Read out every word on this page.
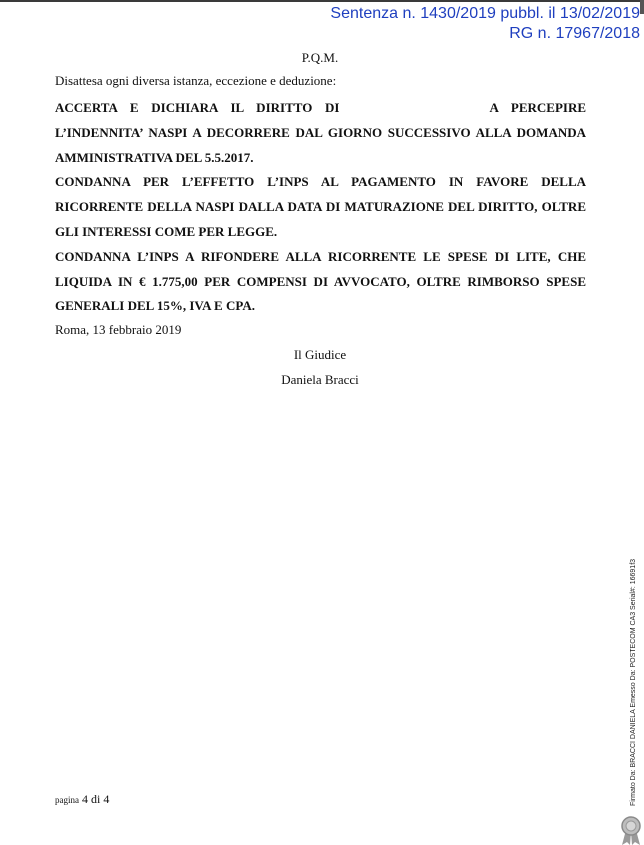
Sentenza n. 1430/2019 pubbl. il 13/02/2019
RG n. 17967/2018
P.Q.M.
Disattesa ogni diversa istanza, eccezione e deduzione:

ACCERTA E DICHIARA IL DIRITTO DI	A PERCEPIRE L’INDENNITA’ NASPI A DECORRERE DAL GIORNO SUCCESSIVO ALLA DOMANDA AMMINISTRATIVA DEL 5.5.2017.

CONDANNA PER L’EFFETTO L’INPS AL PAGAMENTO IN FAVORE DELLA RICORRENTE DELLA NASPI DALLA DATA DI MATURAZIONE DEL DIRITTO, OLTRE GLI INTERESSI COME PER LEGGE.

CONDANNA L’INPS A RIFONDERE ALLA RICORRENTE LE SPESE DI LITE, CHE LIQUIDA IN € 1.775,00 PER COMPENSI DI AVVOCATO, OLTRE RIMBORSO SPESE GENERALI DEL 15%, IVA E CPA.

Roma, 13 febbraio 2019
Il Giudice
Daniela Bracci
pagina 4 di 4	Firmato Da: BRACCI DANIELA Emesso Da: POSTECOM CA3 Serial#: 16691f3
